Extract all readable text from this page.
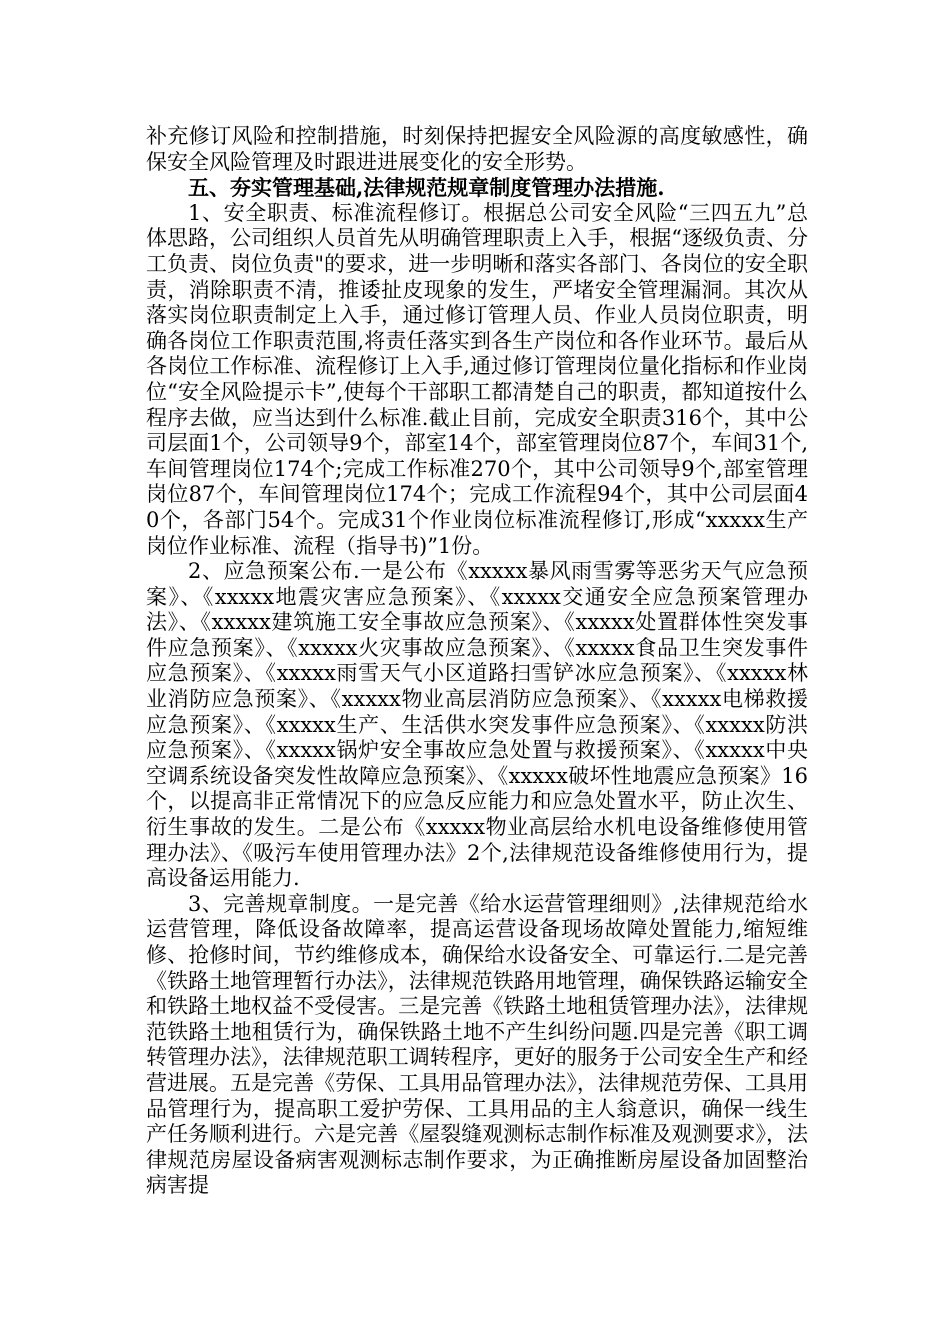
补充修订风险和控制措施，时刻保持把握安全风险源的高度敏感性，确保安全风险管理及时跟进进展变化的安全形势。

五、夯实管理基础,法律规范规章制度管理办法措施.

1、安全职责、标准流程修订。根据总公司安全风险“三四五九”总体思路，公司组织人员首先从明确管理职责上入手，根据“逐级负责、分工负责、岗位负责"的要求，进一步明晰和落实各部门、各岗位的安全职责，消除职责不清，推诿扯皮现象的发生，严堵安全管理漏洞。其次从落实岗位职责制定上入手，通过修订管理人员、作业人员岗位职责，明确各岗位工作职责范围,将责任落实到各生产岗位和各作业环节。最后从各岗位工作标准、流程修订上入手,通过修订管理岗位量化指标和作业岗位“安全风险提示卡”,使每个干部职工都清楚自己的职责，都知道按什么程序去做，应当达到什么标准.截止目前，完成安全职责316个，其中公司层面1个，公司领导9个，部室14个，部室管理岗位87个，车间31个,车间管理岗位174个;完成工作标准270个，其中公司领导9个,部室管理岗位87个，车间管理岗位174个；完成工作流程94个，其中公司层面40个，各部门54个。完成31个作业岗位标准流程修订,形成“xxxxx生产岗位作业标准、流程（指导书)”1份。

2、应急预案公布.一是公布《xxxxx暴风雨雪雾等恶劣天气应急预案》、《xxxxx地震灾害应急预案》、《xxxxx交通安全应急预案管理办法》、《xxxxx建筑施工安全事故应急预案》、《xxxxx处置群体性突发事件应急预案》、《xxxxx火灾事故应急预案》、《xxxxx食品卫生突发事件应急预案》、《xxxxx雨雪天气小区道路扫雪铲冰应急预案》、《xxxxx林业消防应急预案》、《xxxxx物业高层消防应急预案》、《xxxxx电梯救援应急预案》、《xxxxx生产、生活供水突发事件应急预案》、《xxxxx防洪应急预案》、《xxxxx锅炉安全事故应急处置与救援预案》、《xxxxx中央空调系统设备突发性故障应急预案》、《xxxxx破坏性地震应急预案》16个，以提高非正常情况下的应急反应能力和应急处置水平，防止次生、衍生事故的发生。二是公布《xxxxx物业高层给水机电设备维修使用管理办法》、《吸污车使用管理办法》2个,法律规范设备维修使用行为，提高设备运用能力.

3、完善规章制度。一是完善《给水运营管理细则》,法律规范给水运营管理，降低设备故障率，提高运营设备现场故障处置能力,缩短维修、抢修时间，节约维修成本，确保给水设备安全、可靠运行.二是完善《铁路土地管理暂行办法》，法律规范铁路用地管理，确保铁路运输安全和铁路土地权益不受侵害。三是完善《铁路土地租赁管理办法》，法律规范铁路土地租赁行为，确保铁路土地不产生纠纷问题.四是完善《职工调转管理办法》，法律规范职工调转程序，更好的服务于公司安全生产和经营进展。五是完善《劳保、工具用品管理办法》，法律规范劳保、工具用品管理行为，提高职工爱护劳保、工具用品的主人翁意识，确保一线生产任务顺利进行。六是完善《屋裂缝观测标志制作标准及观测要求》，法律规范房屋设备病害观测标志制作要求，为正确推断房屋设备加固整治病害提
